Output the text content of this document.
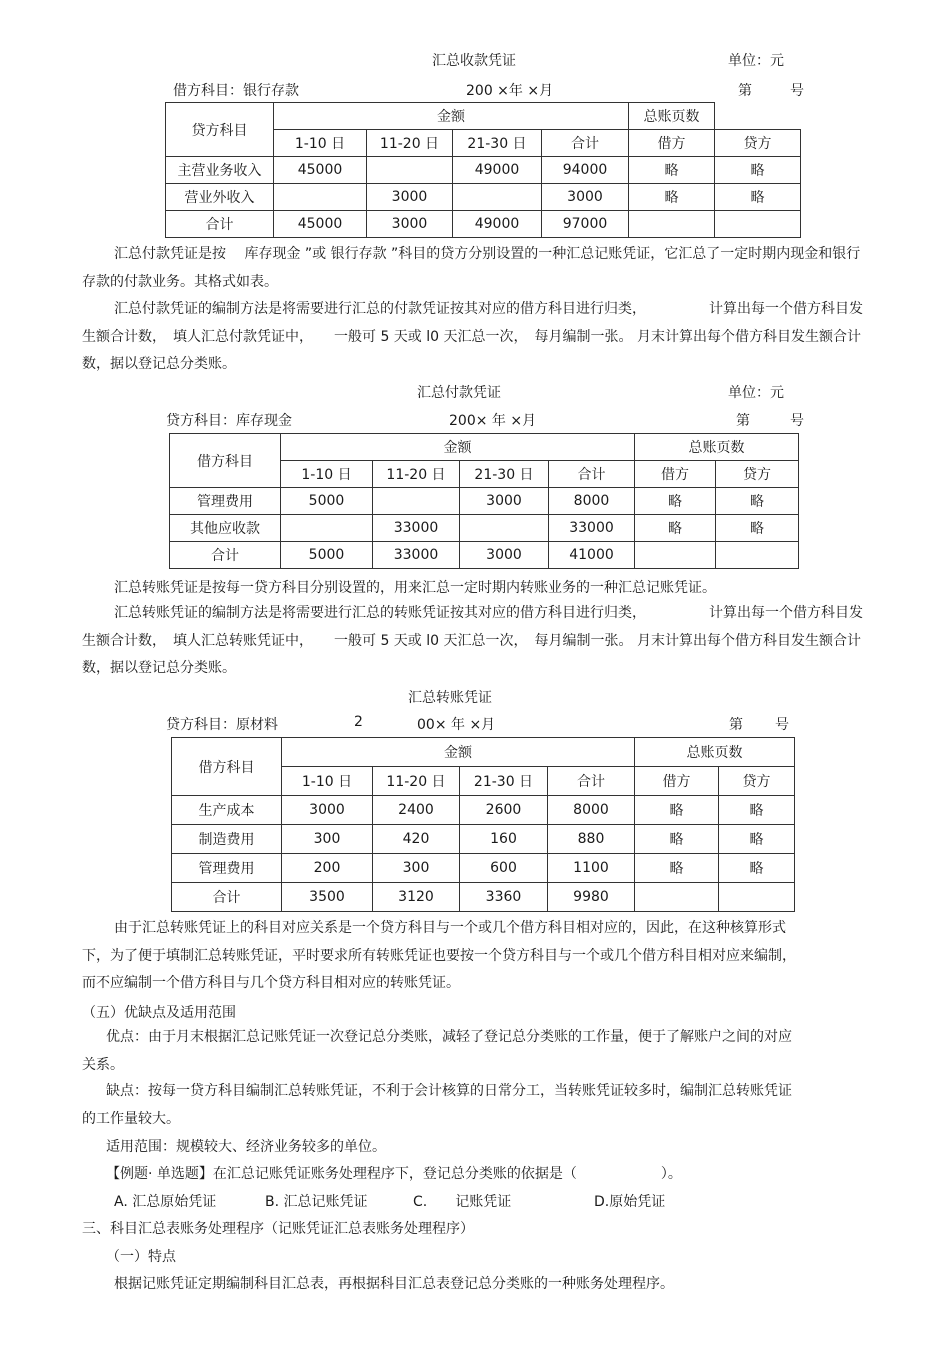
汇总收款凭证	单位：元
借方科目：银行存款	200 ×年 ×月	第	号
贷方科目	金额				总账页数	
	1-10 日	11-20 日	21-30 日	合计	借方	贷方
主营业务收入	45000		49000	94000	略	略
营业外收入		3000		3000	略	略
合计	45000	3000	49000	97000		
汇总付款凭证是按　 库存现金 ”或 银行存款 ”科目的贷方分别设置的一种汇总记账凭证，它汇总了一定时期内现金和银行存款的付款业务。其格式如表。
汇总付款凭证的编制方法是将需要进行汇总的付款凭证按其对应的借方科目进行归类，　　　　　计算出每一个借方科目发生额合计数，　填人汇总付款凭证中，　　一般可 5 天或 l0 天汇总一次，　每月编制一张。 月末计算出每个借方科目发生额合计数，据以登记总分类账。
汇总付款凭证	单位：元
贷方科目：库存现金	200× 年 ×月	第	号
借方科目	金额				总账页数	
	1-10 日	11-20 日	21-30 日	合计	借方	贷方
管理费用	5000		3000	8000	略	略
其他应收款		33000		33000	略	略
合计	5000	33000	3000	41000		
汇总转账凭证是按每一贷方科目分别设置的，用来汇总一定时期内转账业务的一种汇总记账凭证。
汇总转账凭证的编制方法是将需要进行汇总的转账凭证按其对应的借方科目进行归类，　　　　　计算出每一个借方科目发生额合计数，　填人汇总转账凭证中，　　一般可 5 天或 l0 天汇总一次，　每月编制一张。 月末计算出每个借方科目发生额合计数，据以登记总分类账。
汇总转账凭证
贷方科目：原材料	2	00× 年 ×月	第 号
借方科目	金额				总账页数	
	1-10 日	11-20 日	21-30 日	合计	借方	贷方
生产成本	3000	2400	2600	8000	略	略
制造费用	300	420	160	880	略	略
管理费用	200	300	600	1100	略	略
合计	3500	3120	3360	9980		
由于汇总转账凭证上的科目对应关系是一个贷方科目与一个或几个借方科目相对应的，因此，在这种核算形式下，为了便于填制汇总转账凭证，平时要求所有转账凭证也要按一个贷方科目与一个或几个借方科目相对应来编制，而不应编制一个借方科目与几个贷方科目相对应的转账凭证。
（五）优缺点及适用范围
优点：由于月末根据汇总记账凭证一次登记总分类账，减轻了登记总分类账的工作量，便于了解账户之间的对应关系。
缺点：按每一贷方科目编制汇总转账凭证，不利于会计核算的日常分工，当转账凭证较多时，编制汇总转账凭证的工作量较大。
适用范围：规模较大、经济业务较多的单位。
【例题· 单选题】在汇总记账凭证账务处理程序下，登记总分类账的依据是（　　　　　　）。
A. 汇总原始凭证	B. 汇总记账凭证	C.　　记账凭证	D.原始凭证
三、科目汇总表账务处理程序（记账凭证汇总表账务处理程序）
（一）特点
根据记账凭证定期编制科目汇总表，再根据科目汇总表登记总分类账的一种账务处理程序。
